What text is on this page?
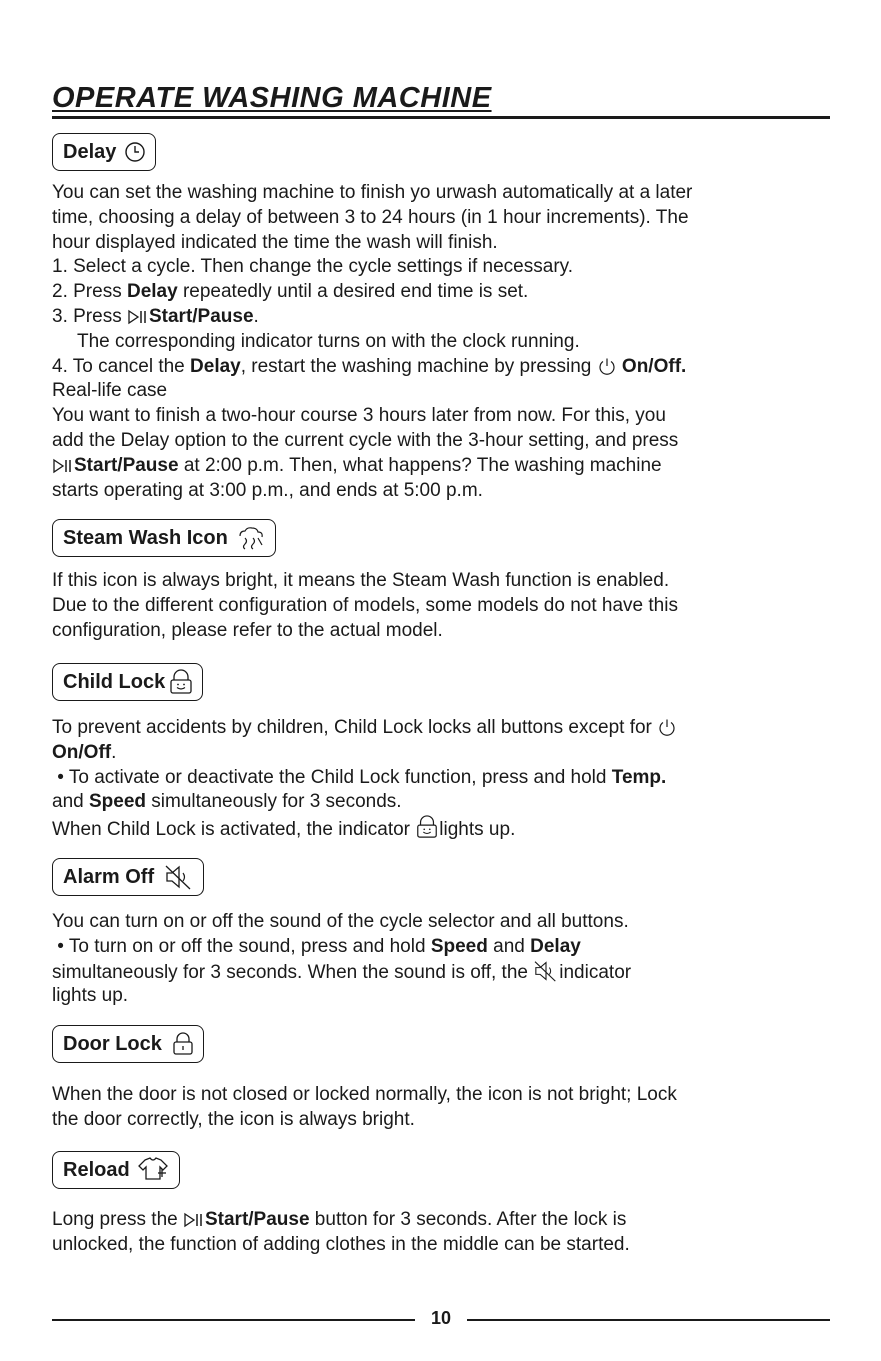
OPERATE WASHING MACHINE
Delay
You can set the washing machine to finish yo urwash automatically at a later
time, choosing a delay of between 3 to 24 hours (in 1 hour increments). The
hour displayed indicated the time the wash will finish.
1. Select a cycle. Then change the cycle settings if necessary.
2. Press Delay repeatedly until a desired end time is set.
3. Press Start/Pause.
The corresponding indicator turns on with the clock running.
4. To cancel the Delay, restart the washing machine by pressing  On/Off.
Real-life case
You want to finish a two-hour course 3 hours later from now. For this, you
add the Delay option to the current cycle with the 3-hour setting, and press
Start/Pause at 2:00 p.m. Then, what happens? The washing machine
starts operating at 3:00 p.m., and ends at 5:00 p.m.
Steam Wash Icon
If this icon is always bright, it means the Steam Wash function is enabled.
Due to the different configuration of models, some models do not have this
configuration, please refer to the actual model.
Child Lock
To prevent accidents by children, Child Lock locks all buttons except for
On/Off.
• To activate or deactivate the Child Lock function, press and hold Temp.
and Speed simultaneously for 3 seconds.
When Child Lock is activated, the indicator lights up.
Alarm Off
You can turn on or off the sound of the cycle selector and all buttons.
• To turn on or off the sound, press and hold Speed and Delay
simultaneously for 3 seconds. When the sound is off, the indicator
lights up.
Door Lock
When the door is not closed or locked normally, the icon is not bright; Lock
the door correctly, the icon is always bright.
Reload
Long press the Start/Pause button for 3 seconds. After the lock is
unlocked, the function of adding clothes in the middle can be started.
10
